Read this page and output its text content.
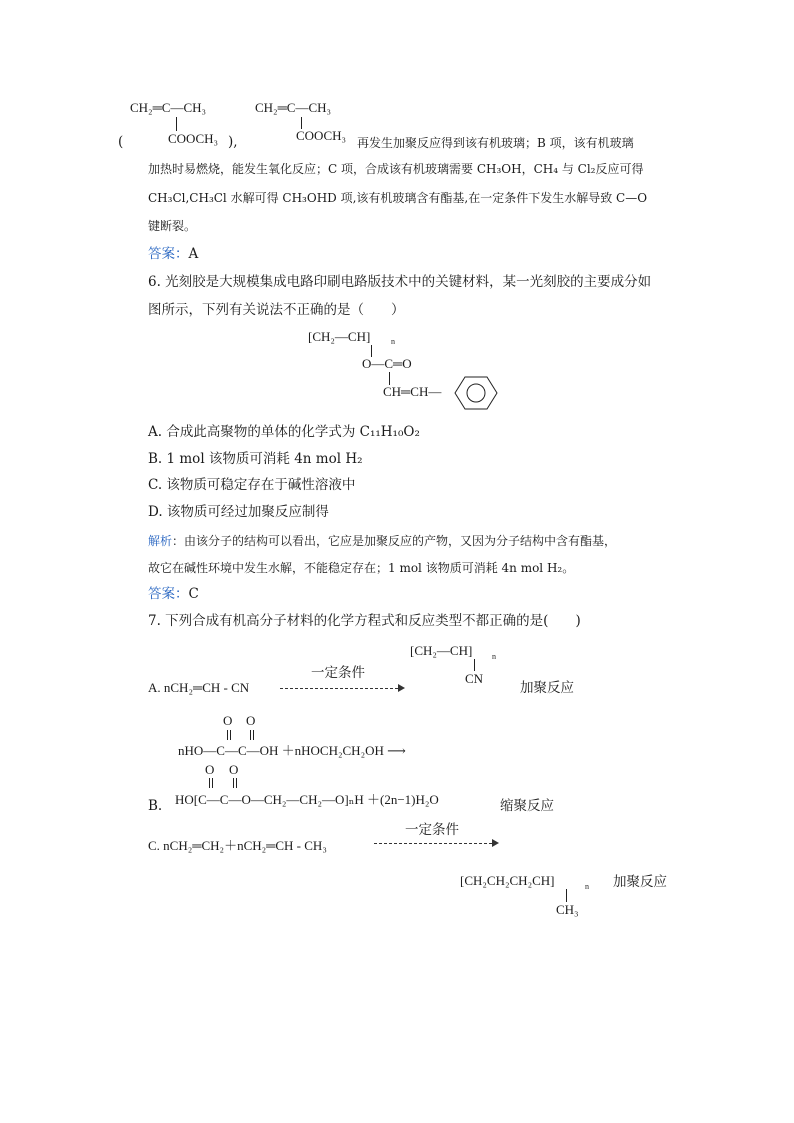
CH₂═C—CH₃
(	COOCH₃ ),
CH₂═C—CH₃
COOCH₃ 再发生加聚反应得到该有机玻璃；B 项，该有机玻璃
加热时易燃烧，能发生氧化反应；C 项，合成该有机玻璃需要 CH₃OH，CH₄ 与 Cl₂反应可得
CH₃Cl,CH₃Cl 水解可得 CH₃OHD 项,该有机玻璃含有酯基,在一定条件下发生水解导致 C—O
键断裂。
答案：A
6. 光刻胶是大规模集成电路印刷电路版技术中的关键材料，某一光刻胶的主要成分如
图所示，下列有关说法不正确的是（　　）
[CH₂—CH]	n
O—C═O
CH═CH—
A. 合成此高聚物的单体的化学式为 C₁₁H₁₀O₂
B. 1 mol 该物质可消耗 4n mol H₂
C. 该物质可稳定存在于碱性溶液中
D. 该物质可经过加聚反应制得
解析：由该分子的结构可以看出，它应是加聚反应的产物，又因为分子结构中含有酯基，
故它在碱性环境中发生水解，不能稳定存在；1 mol 该物质可消耗 4n mol H₂。
答案：C
7. 下列合成有机高分子材料的化学方程式和反应类型不都正确的是(　　)
[CH₂—CH] n
CN
一定条件
A. nCH₂═CH - CN	加聚反应
O O
nHO—C—C—OH ＋nHOCH₂CH₂OH ⟶
O O
B. HO[C—C—O—CH₂—CH₂—O]ₙH ＋(2n−1)H₂O	缩聚反应
一定条件
C. nCH₂═CH₂＋nCH₂═CH - CH₃
[CH₂CH₂CH₂CH]	n
CH₃
加聚反应
